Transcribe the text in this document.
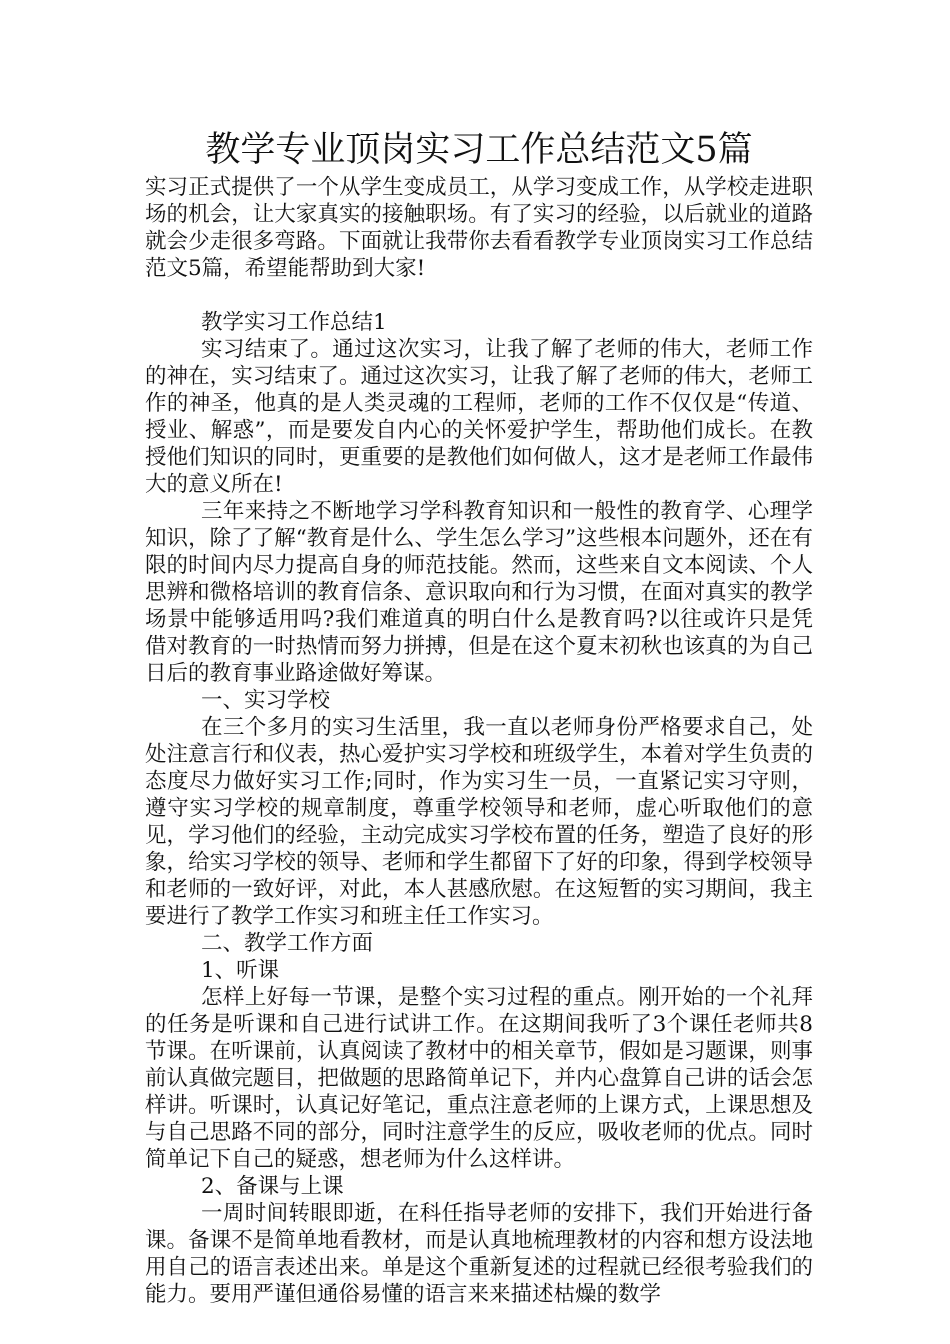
教学专业顶岗实习工作总结范文5篇

实习正式提供了一个从学生变成员工，从学习变成工作，从学校走进职场的机会，让大家真实的接触职场。有了实习的经验，以后就业的道路就会少走很多弯路。下面就让我带你去看看教学专业顶岗实习工作总结范文5篇，希望能帮助到大家!

教学实习工作总结1

实习结束了。通过这次实习，让我了解了老师的伟大，老师工作的神在，实习结束了。通过这次实习，让我了解了老师的伟大，老师工作的神圣，他真的是人类灵魂的工程师，老师的工作不仅仅是“传道、授业、解惑”，而是要发自内心的关怀爱护学生，帮助他们成长。在教授他们知识的同时，更重要的是教他们如何做人，这才是老师工作最伟大的意义所在!

三年来持之不断地学习学科教育知识和一般性的教育学、心理学知识，除了了解“教育是什么、学生怎么学习”这些根本问题外，还在有限的时间内尽力提高自身的师范技能。然而，这些来自文本阅读、个人思辨和微格培训的教育信条、意识取向和行为习惯，在面对真实的教学场景中能够适用吗?我们难道真的明白什么是教育吗?以往或许只是凭借对教育的一时热情而努力拼搏，但是在这个夏末初秋也该真的为自己日后的教育事业路途做好筹谋。

一、实习学校

在三个多月的实习生活里，我一直以老师身份严格要求自己，处处注意言行和仪表，热心爱护实习学校和班级学生，本着对学生负责的态度尽力做好实习工作;同时，作为实习生一员，一直紧记实习守则，遵守实习学校的规章制度，尊重学校领导和老师，虚心听取他们的意见，学习他们的经验，主动完成实习学校布置的任务，塑造了良好的形象，给实习学校的领导、老师和学生都留下了好的印象，得到学校领导和老师的一致好评，对此，本人甚感欣慰。在这短暂的实习期间，我主要进行了教学工作实习和班主任工作实习。

二、教学工作方面

1、听课

怎样上好每一节课，是整个实习过程的重点。刚开始的一个礼拜的任务是听课和自己进行试讲工作。在这期间我听了3个课任老师共8节课。在听课前，认真阅读了教材中的相关章节，假如是习题课，则事前认真做完题目，把做题的思路简单记下，并内心盘算自己讲的话会怎样讲。听课时，认真记好笔记，重点注意老师的上课方式，上课思想及与自己思路不同的部分，同时注意学生的反应，吸收老师的优点。同时简单记下自己的疑惑，想老师为什么这样讲。

2、备课与上课

一周时间转眼即逝，在科任指导老师的安排下，我们开始进行备课。备课不是简单地看教材，而是认真地梳理教材的内容和想方设法地用自己的语言表述出来。单是这个重新复述的过程就已经很考验我们的能力。要用严谨但通俗易懂的语言来来描述枯燥的数学
